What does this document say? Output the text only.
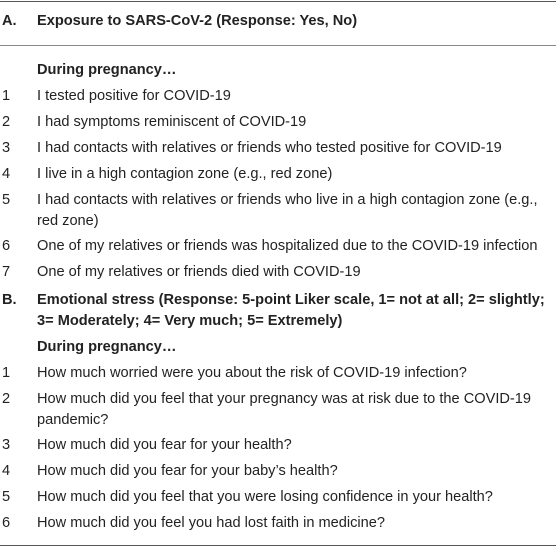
A. Exposure to SARS-CoV-2 (Response: Yes, No)
During pregnancy…
1 I tested positive for COVID-19
2 I had symptoms reminiscent of COVID-19
3 I had contacts with relatives or friends who tested positive for COVID-19
4 I live in a high contagion zone (e.g., red zone)
5 I had contacts with relatives or friends who live in a high contagion zone (e.g., red zone)
6 One of my relatives or friends was hospitalized due to the COVID-19 infection
7 One of my relatives or friends died with COVID-19
B. Emotional stress (Response: 5-point Liker scale, 1= not at all; 2= slightly; 3= Moderately; 4= Very much; 5= Extremely)
During pregnancy…
1 How much worried were you about the risk of COVID-19 infection?
2 How much did you feel that your pregnancy was at risk due to the COVID-19 pandemic?
3 How much did you fear for your health?
4 How much did you fear for your baby’s health?
5 How much did you feel that you were losing confidence in your health?
6 How much did you feel you had lost faith in medicine?
